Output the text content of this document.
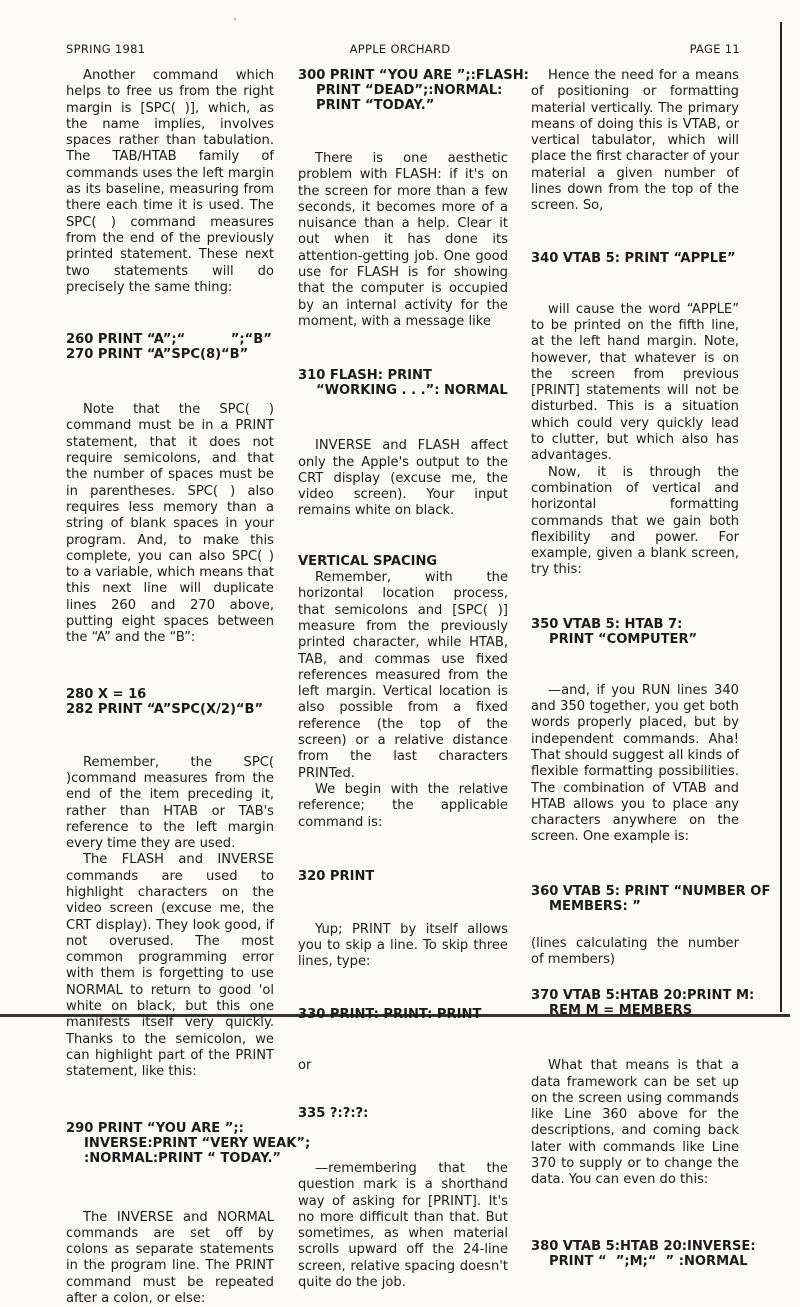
SPRING 1981	APPLE ORCHARD	PAGE 11

Another command which helps to free us from the right margin is [SPC( )], which, as the name implies, involves spaces rather than tabulation. The TAB/HTAB family of commands uses the left margin as its baseline, measuring from there each time it is used. The SPC( ) command measures from the end of the previously printed statement. These next two statements will do precisely the same thing:

260 PRINT “A”;“          ”;“B”
270 PRINT “A”SPC(8)“B”

Note that the SPC( ) command must be in a PRINT statement, that it does not require semicolons, and that the number of spaces must be in parentheses. SPC( ) also requires less memory than a string of blank spaces in your program. And, to make this complete, you can also SPC( ) to a variable, which means that this next line will duplicate lines 260 and 270 above, putting eight spaces between the “A” and the “B”:

280 X = 16
282 PRINT “A”SPC(X/2)“B”

Remember, the SPC( )command measures from the end of the item preceding it, rather than HTAB or TAB's reference to the left margin every time they are used.

The FLASH and INVERSE commands are used to highlight characters on the video screen (excuse me, the CRT display). They look good, if not overused. The most common programming error with them is forgetting to use NORMAL to return to good 'ol white on black, but this one manifests itself very quickly. Thanks to the semicolon, we can highlight part of the PRINT statement, like this:

290 PRINT “YOU ARE ”;:
INVERSE:PRINT “VERY WEAK”;
:NORMAL:PRINT “ TODAY.”

The INVERSE and NORMAL commands are set off by colons as separate statements in the program line. The PRINT command must be repeated after a colon, or else:

300 PRINT “YOU ARE ”;:FLASH:
PRINT “DEAD”;:NORMAL:
PRINT “TODAY.”

There is one aesthetic problem with FLASH: if it's on the screen for more than a few seconds, it becomes more of a nuisance than a help. Clear it out when it has done its attention-getting job. One good use for FLASH is for showing that the computer is occupied by an internal activity for the moment, with a message like

310 FLASH: PRINT
“WORKING . . .”: NORMAL

INVERSE and FLASH affect only the Apple's output to the CRT display (excuse me, the video screen). Your input remains white on black.

VERTICAL SPACING

Remember, with the horizontal location process, that semicolons and [SPC( )] measure from the previously printed character, while HTAB, TAB, and commas use fixed references measured from the left margin. Vertical location is also possible from a fixed reference (the top of the screen) or a relative distance from the last characters PRINTed.

We begin with the relative reference; the applicable command is:

320 PRINT

Yup; PRINT by itself allows you to skip a line. To skip three lines, type:

330 PRINT: PRINT: PRINT

or

335 ?:?:?:

—remembering that the question mark is a shorthand way of asking for [PRINT]. It's no more difficult than that. But sometimes, as when material scrolls upward off the 24-line screen, relative spacing doesn't quite do the job.

Hence the need for a means of positioning or formatting material vertically. The primary means of doing this is VTAB, or vertical tabulator, which will place the first character of your material a given number of lines down from the top of the screen. So,

340 VTAB 5: PRINT “APPLE”

will cause the word “APPLE” to be printed on the fifth line, at the left hand margin. Note, however, that whatever is on the screen from previous [PRINT] statements will not be disturbed. This is a situation which could very quickly lead to clutter, but which also has advantages.

Now, it is through the combination of vertical and horizontal formatting commands that we gain both flexibility and power. For example, given a blank screen, try this:

350 VTAB 5: HTAB 7:
PRINT “COMPUTER”

—and, if you RUN lines 340 and 350 together, you get both words properly placed, but by independent commands. Aha! That should suggest all kinds of flexible formatting possibilities. The combination of VTAB and HTAB allows you to place any characters anywhere on the screen. One example is:

360 VTAB 5: PRINT “NUMBER OF
MEMBERS: ”

(lines calculating the number of members)

370 VTAB 5:HTAB 20:PRINT M:
REM M = MEMBERS

What that means is that a data framework can be set up on the screen using commands like Line 360 above for the descriptions, and coming back later with commands like Line 370 to supply or to change the data. You can even do this:

380 VTAB 5:HTAB 20:INVERSE:
PRINT “  ”;M;“  ” :NORMAL
